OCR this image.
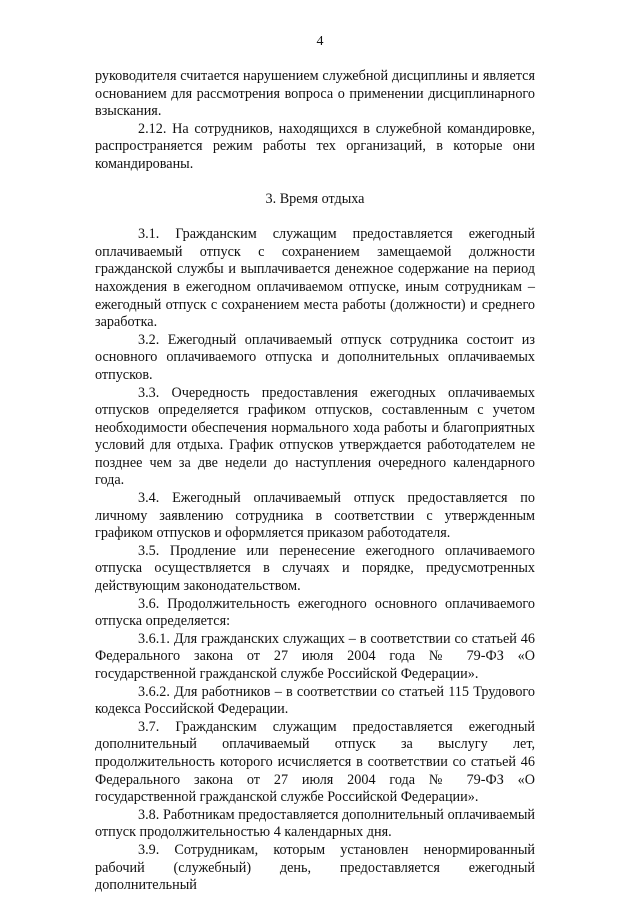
4

руководителя считается нарушением служебной дисциплины и является основанием для рассмотрения вопроса о применении дисциплинарного взыскания.

2.12. На сотрудников, находящихся в служебной командировке, распространяется режим работы тех организаций, в которые они командированы.

3. Время отдыха

3.1. Гражданским служащим предоставляется ежегодный оплачиваемый отпуск с сохранением замещаемой должности гражданской службы и выплачивается денежное содержание на период нахождения в ежегодном оплачиваемом отпуске, иным сотрудникам – ежегодный отпуск с сохранением места работы (должности) и среднего заработка.

3.2. Ежегодный оплачиваемый отпуск сотрудника состоит из основного оплачиваемого отпуска и дополнительных оплачиваемых отпусков.

3.3. Очередность предоставления ежегодных оплачиваемых отпусков определяется графиком отпусков, составленным с учетом необходимости обеспечения нормального хода работы и благоприятных условий для отдыха. График отпусков утверждается работодателем не позднее чем за две недели до наступления очередного календарного года.

3.4. Ежегодный оплачиваемый отпуск предоставляется по личному заявлению сотрудника в соответствии с утвержденным графиком отпусков и оформляется приказом работодателя.

3.5. Продление или перенесение ежегодного оплачиваемого отпуска осуществляется в случаях и порядке, предусмотренных действующим законодательством.

3.6. Продолжительность ежегодного основного оплачиваемого отпуска определяется:

3.6.1. Для гражданских служащих – в соответствии со статьей 46 Федерального закона от 27 июля 2004 года № 79-ФЗ «О государственной гражданской службе Российской Федерации».

3.6.2. Для работников – в соответствии со статьей 115 Трудового кодекса Российской Федерации.

3.7. Гражданским служащим предоставляется ежегодный дополнительный оплачиваемый отпуск за выслугу лет, продолжительность которого исчисляется в соответствии со статьей 46 Федерального закона от 27 июля 2004 года № 79-ФЗ «О государственной гражданской службе Российской Федерации».

3.8. Работникам предоставляется дополнительный оплачиваемый отпуск продолжительностью 4 календарных дня.

3.9. Сотрудникам, которым установлен ненормированный рабочий (служебный) день, предоставляется ежегодный дополнительный
